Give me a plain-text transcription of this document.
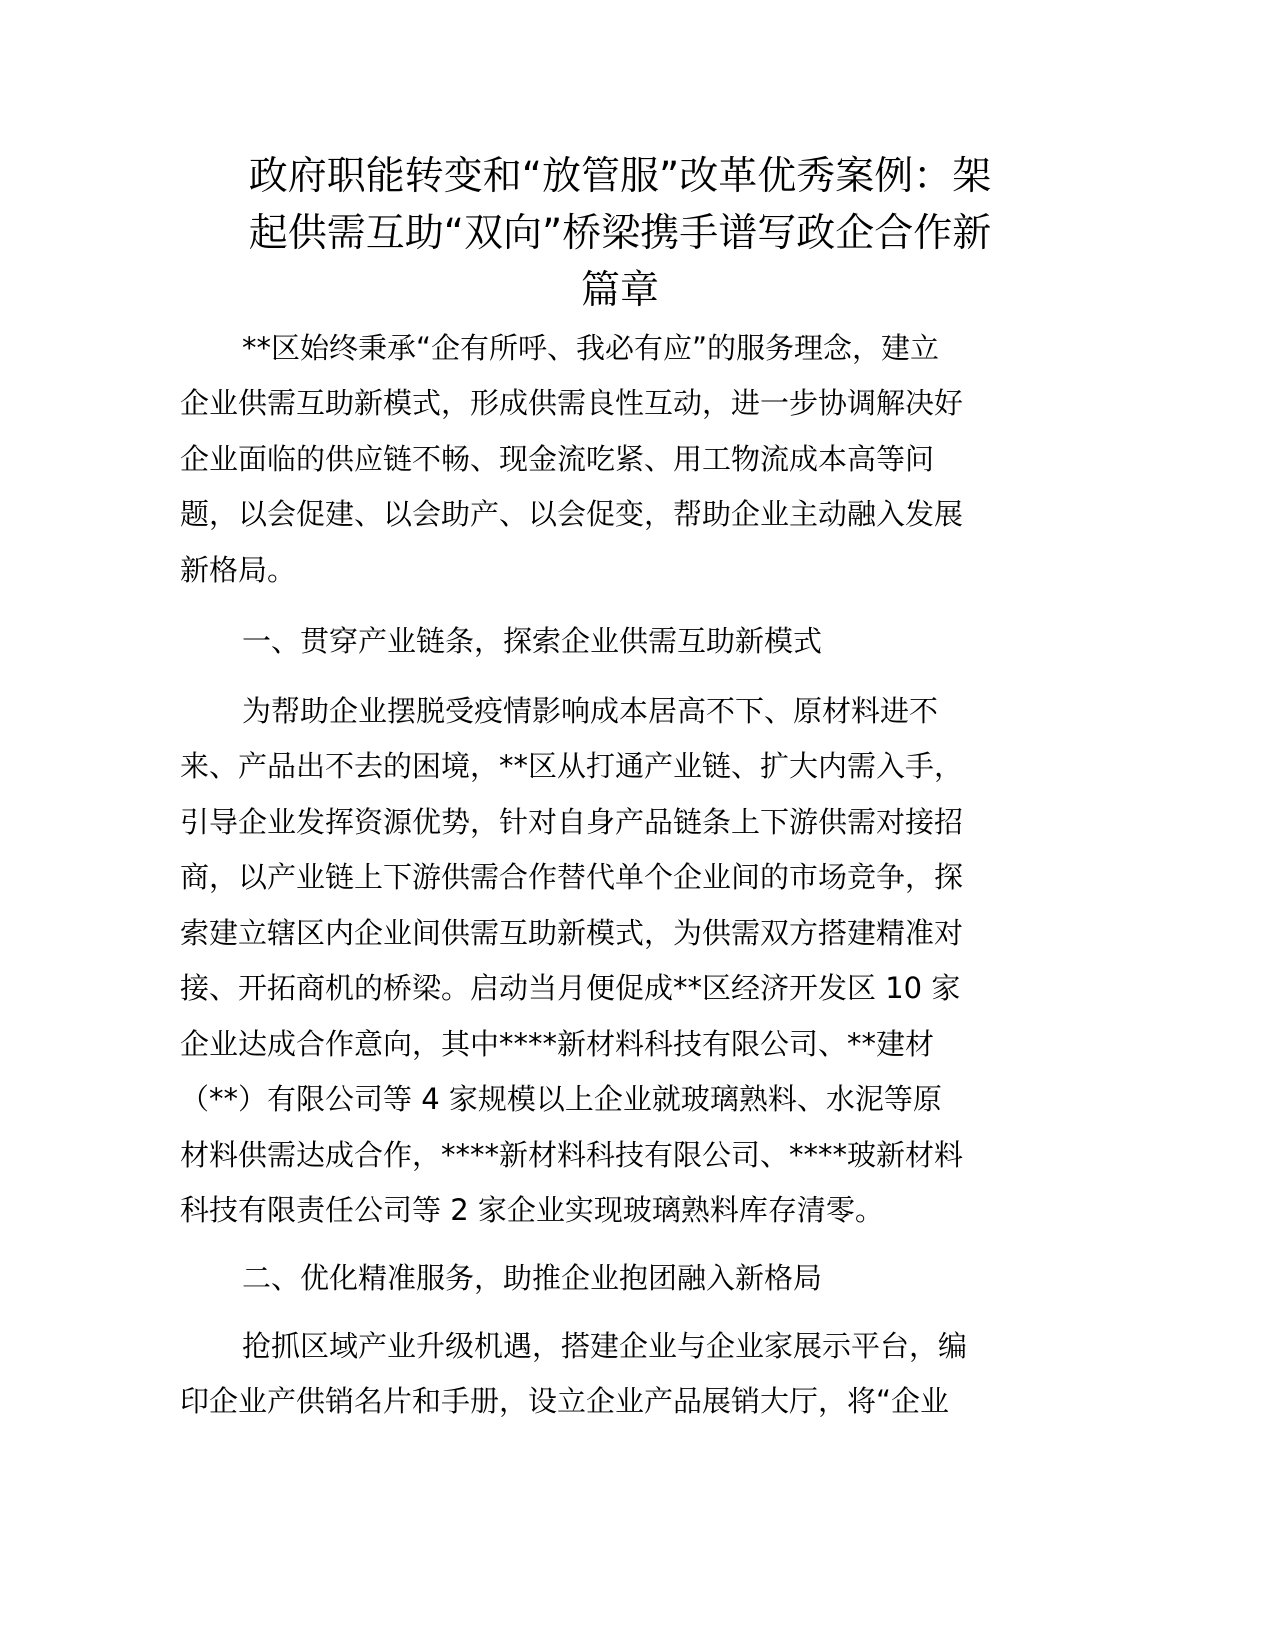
政府职能转变和“放管服”改革优秀案例：架
起供需互助“双向”桥梁携手谱写政企合作新
篇章
**区始终秉承“企有所呼、我必有应”的服务理念，建立
企业供需互助新模式，形成供需良性互动，进一步协调解决好
企业面临的供应链不畅、现金流吃紧、用工物流成本高等问
题，以会促建、以会助产、以会促变，帮助企业主动融入发展
新格局。
一、贯穿产业链条，探索企业供需互助新模式
为帮助企业摆脱受疫情影响成本居高不下、原材料进不
来、产品出不去的困境，**区从打通产业链、扩大内需入手，
引导企业发挥资源优势，针对自身产品链条上下游供需对接招
商，以产业链上下游供需合作替代单个企业间的市场竞争，探
索建立辖区内企业间供需互助新模式，为供需双方搭建精准对
接、开拓商机的桥梁。启动当月便促成**区经济开发区 10 家
企业达成合作意向，其中****新材料科技有限公司、**建材
（**）有限公司等 4 家规模以上企业就玻璃熟料、水泥等原
材料供需达成合作，****新材料科技有限公司、****玻新材料
科技有限责任公司等 2 家企业实现玻璃熟料库存清零。
二、优化精准服务，助推企业抱团融入新格局
抢抓区域产业升级机遇，搭建企业与企业家展示平台，编
印企业产供销名片和手册，设立企业产品展销大厅，将“企业
